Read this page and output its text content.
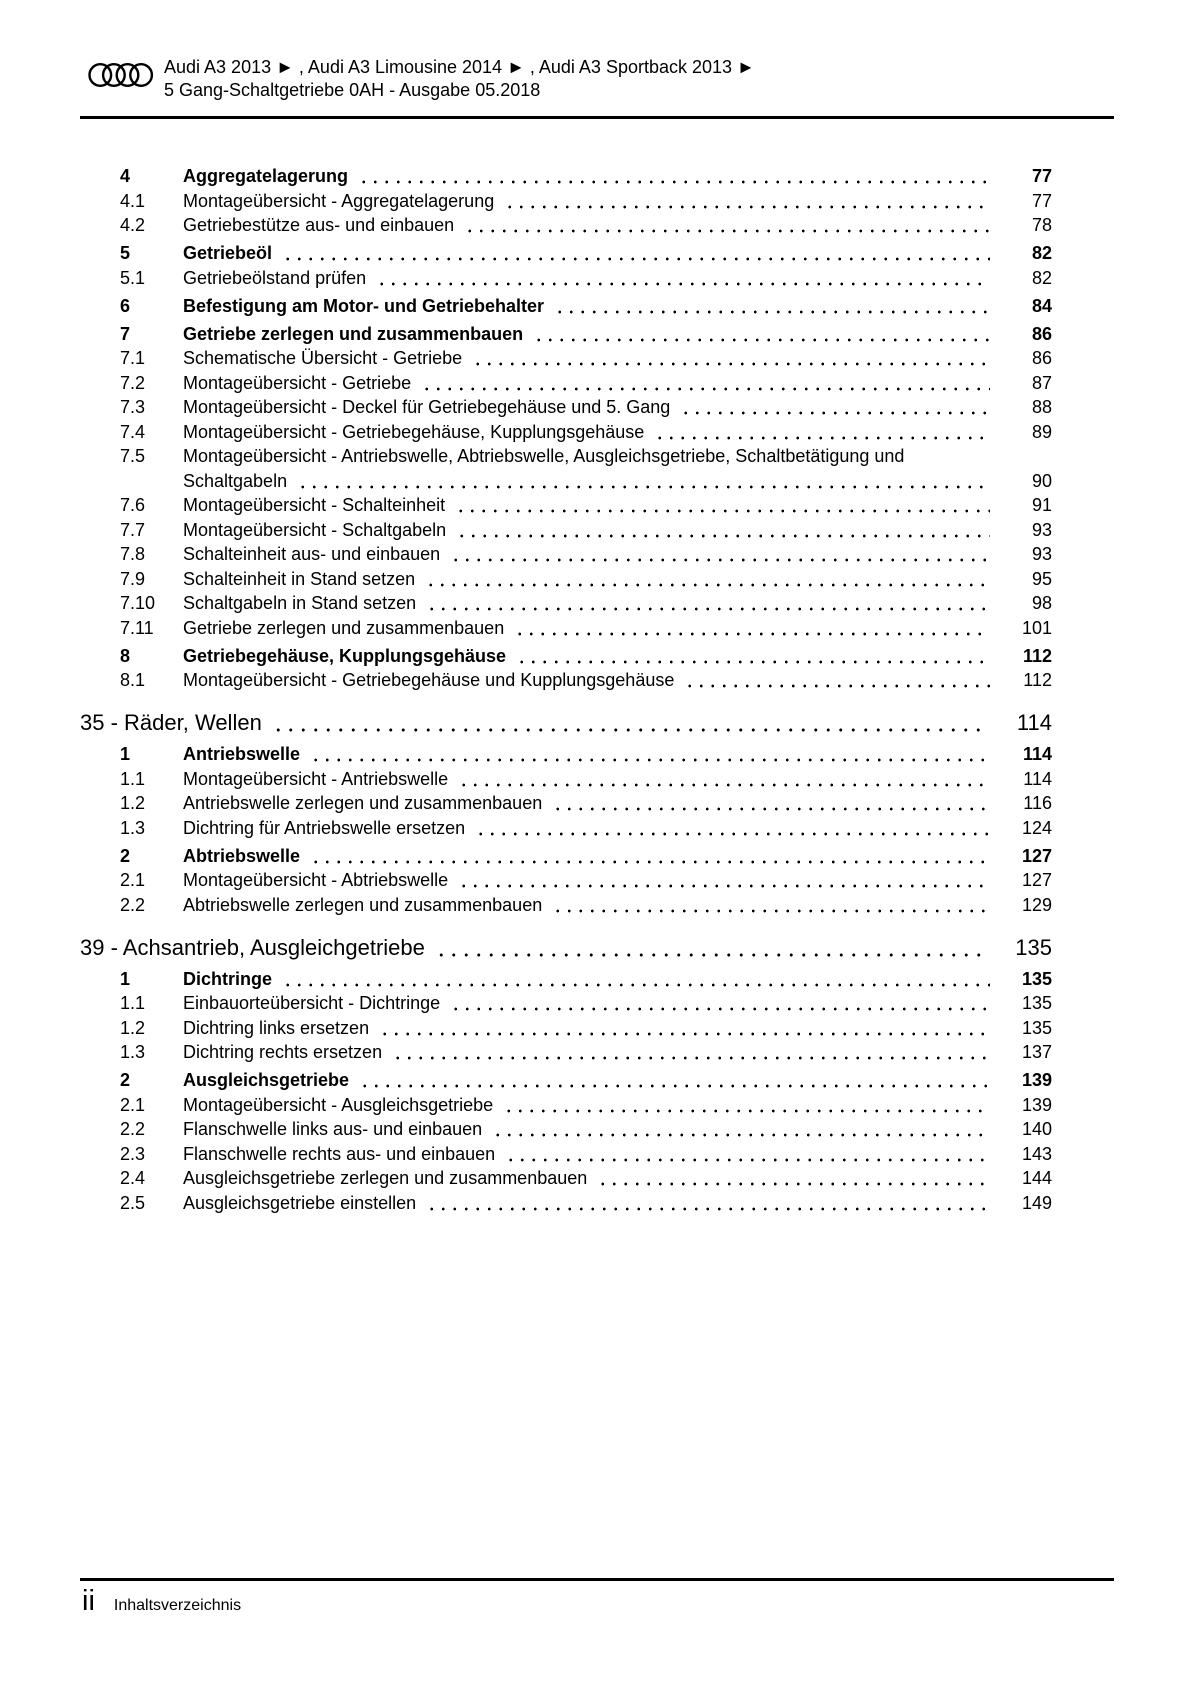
Audi A3 2013 ► , Audi A3 Limousine 2014 ► , Audi A3 Sportback 2013 ►
5 Gang-Schaltgetriebe 0AH - Ausgabe 05.2018
4	Aggregatelagerung	77
4.1	Montageübersicht - Aggregatelagerung	77
4.2	Getriebestütze aus- und einbauen	78
5	Getriebeöl	82
5.1	Getriebeölstand prüfen	82
6	Befestigung am Motor- und Getriebehalter	84
7	Getriebe zerlegen und zusammenbauen	86
7.1	Schematische Übersicht - Getriebe	86
7.2	Montageübersicht - Getriebe	87
7.3	Montageübersicht - Deckel für Getriebegehäuse und 5. Gang	88
7.4	Montageübersicht - Getriebegehäuse, Kupplungsgehäuse	89
7.5	Montageübersicht - Antriebswelle, Abtriebswelle, Ausgleichsgetriebe, Schaltbetätigung und
Schaltgabeln	90
7.6	Montageübersicht - Schalteinheit	91
7.7	Montageübersicht - Schaltgabeln	93
7.8	Schalteinheit aus- und einbauen	93
7.9	Schalteinheit in Stand setzen	95
7.10	Schaltgabeln in Stand setzen	98
7.11	Getriebe zerlegen und zusammenbauen	101
8	Getriebegehäuse, Kupplungsgehäuse	112
8.1	Montageübersicht - Getriebegehäuse und Kupplungsgehäuse	112
35 - Räder, Wellen	114
1	Antriebswelle	114
1.1	Montageübersicht - Antriebswelle	114
1.2	Antriebswelle zerlegen und zusammenbauen	116
1.3	Dichtring für Antriebswelle ersetzen	124
2	Abtriebswelle	127
2.1	Montageübersicht - Abtriebswelle	127
2.2	Abtriebswelle zerlegen und zusammenbauen	129
39 - Achsantrieb, Ausgleichgetriebe	135
1	Dichtringe	135
1.1	Einbauorteübersicht - Dichtringe	135
1.2	Dichtring links ersetzen	135
1.3	Dichtring rechts ersetzen	137
2	Ausgleichsgetriebe	139
2.1	Montageübersicht - Ausgleichsgetriebe	139
2.2	Flanschwelle links aus- und einbauen	140
2.3	Flanschwelle rechts aus- und einbauen	143
2.4	Ausgleichsgetriebe zerlegen und zusammenbauen	144
2.5	Ausgleichsgetriebe einstellen	149
ii Inhaltsverzeichnis
